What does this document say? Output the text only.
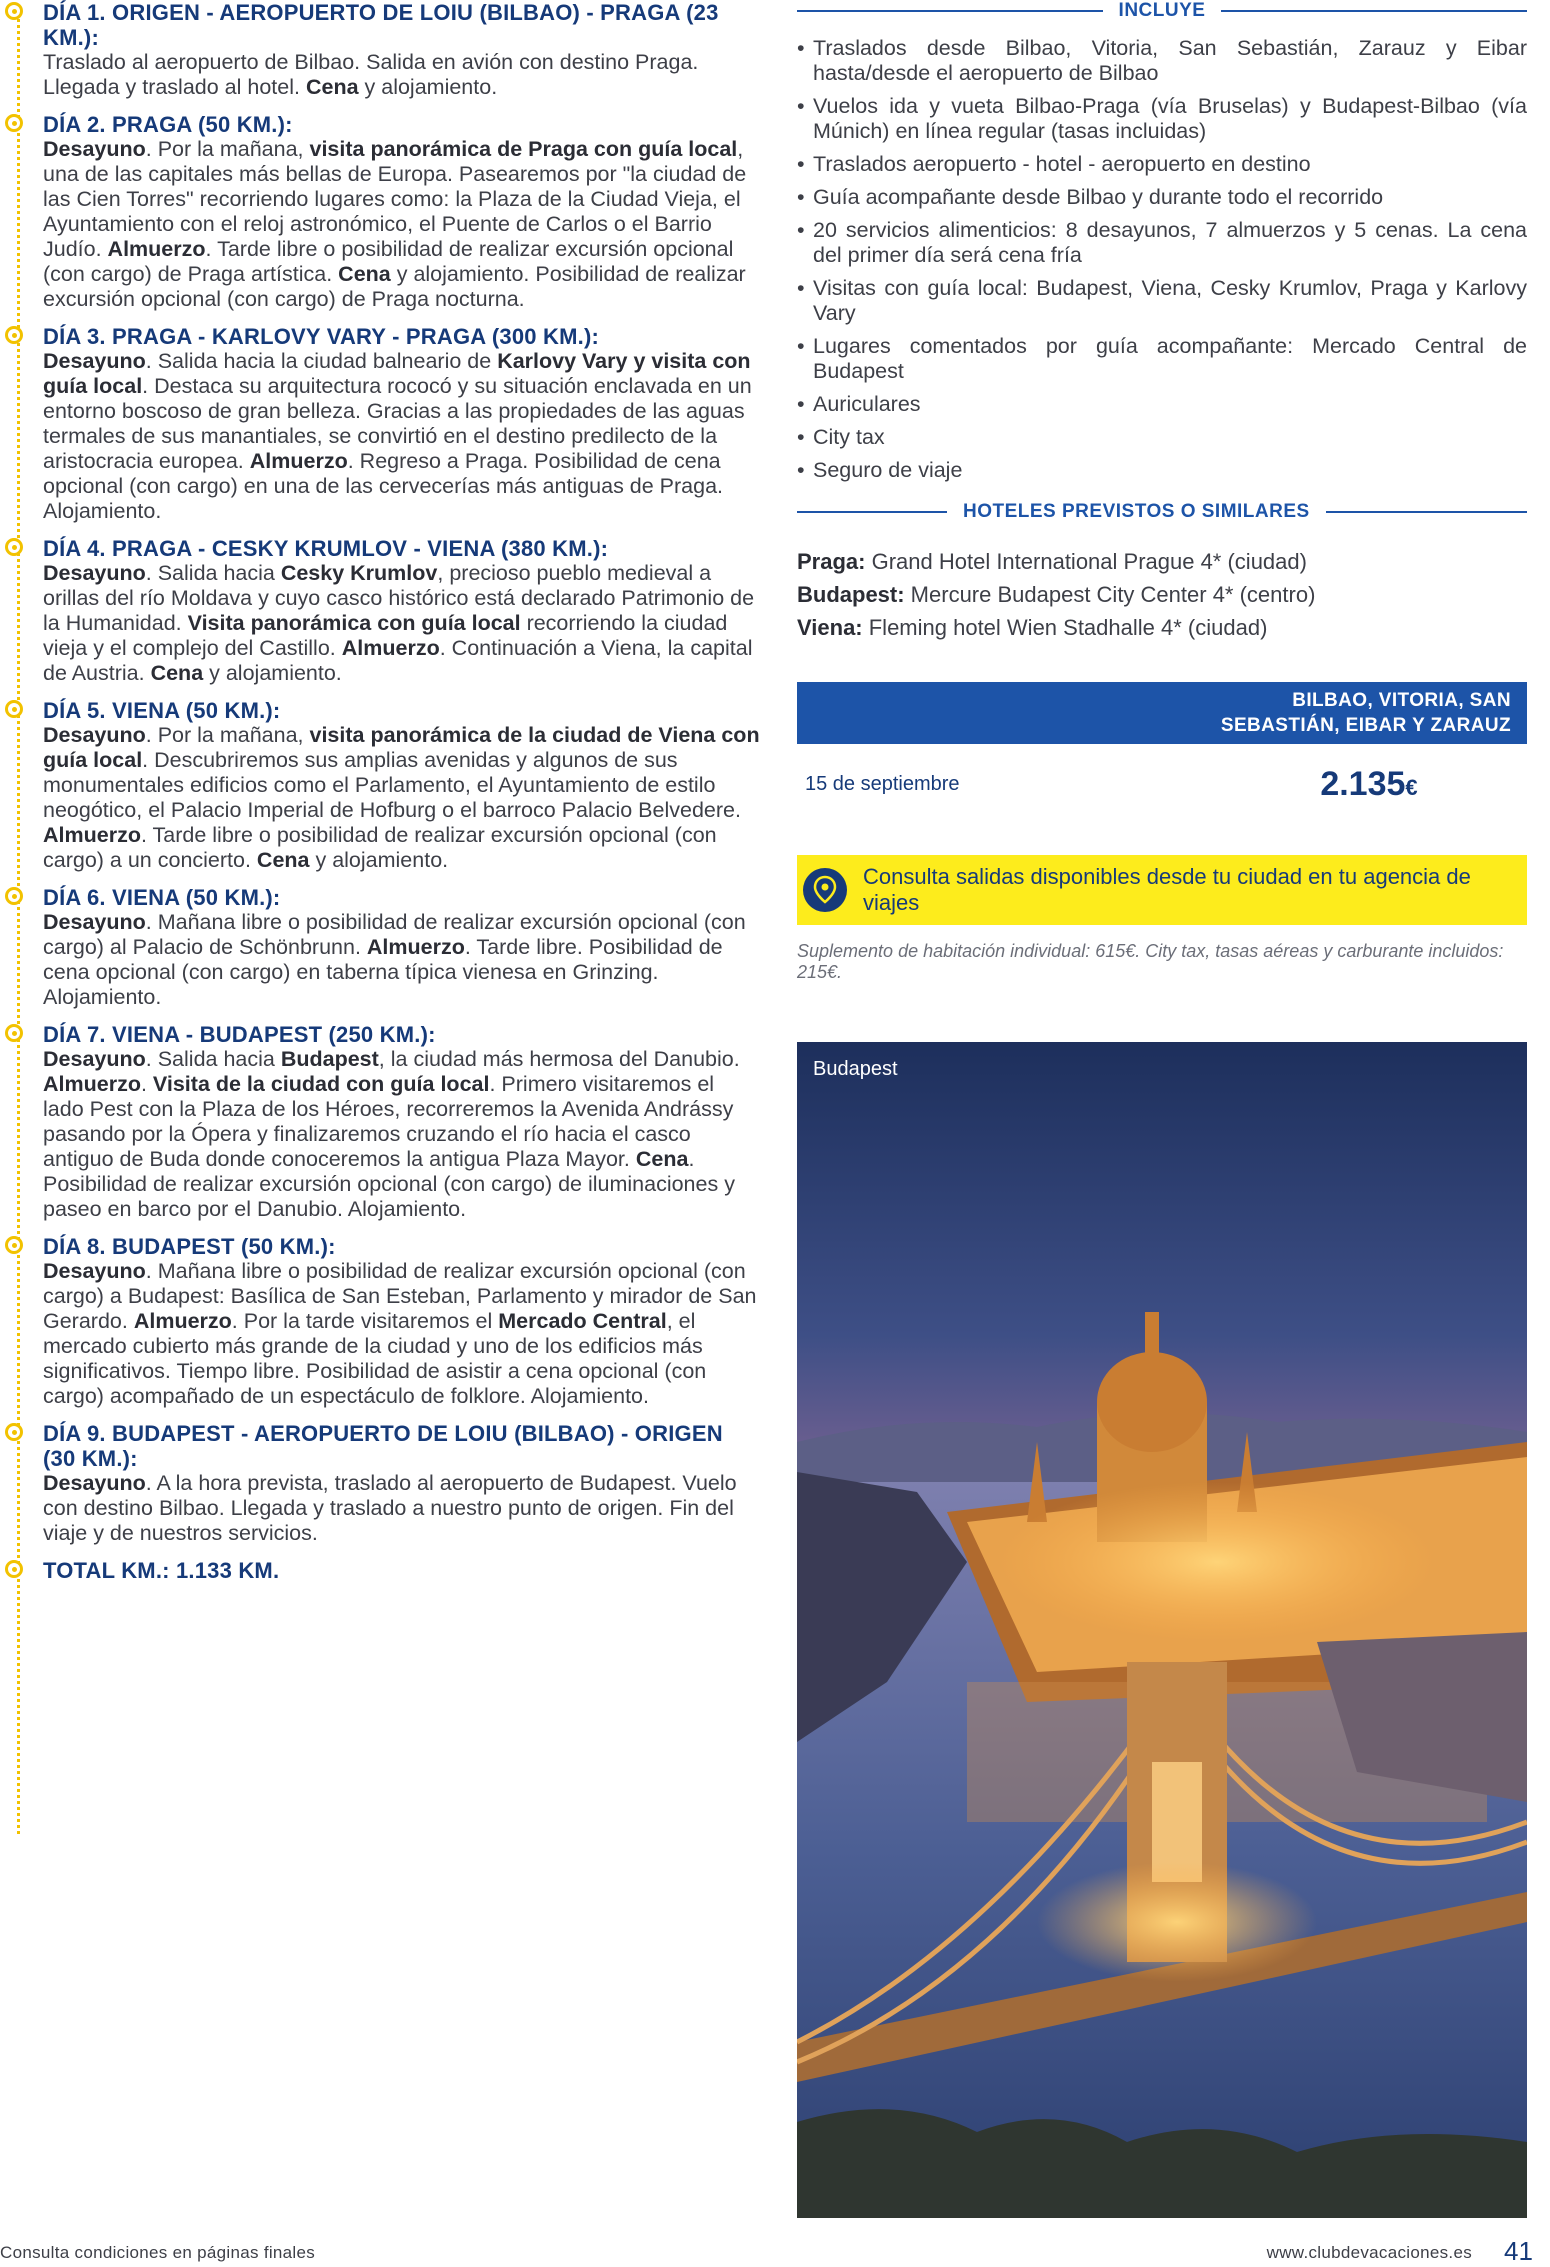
DÍA 1. ORIGEN - AEROPUERTO DE LOIU (BILBAO) - PRAGA (23 KM.):
Traslado al aeropuerto de Bilbao. Salida en avión con destino Praga. Llegada y traslado al hotel. Cena y alojamiento.
DÍA 2. PRAGA (50 KM.):
Desayuno. Por la mañana, visita panorámica de Praga con guía local, una de las capitales más bellas de Europa. Pasearemos por "la ciudad de las Cien Torres" recorriendo lugares como: la Plaza de la Ciudad Vieja, el Ayuntamiento con el reloj astronómico, el Puente de Carlos o el Barrio Judío. Almuerzo. Tarde libre o posibilidad de realizar excursión opcional (con cargo) de Praga artística. Cena y alojamiento. Posibilidad de realizar excursión opcional (con cargo) de Praga nocturna.
DÍA 3. PRAGA - KARLOVY VARY - PRAGA (300 KM.):
Desayuno. Salida hacia la ciudad balneario de Karlovy Vary y visita con guía local. Destaca su arquitectura rococó y su situación enclavada en un entorno boscoso de gran belleza. Gracias a las propiedades de las aguas termales de sus manantiales, se convirtió en el destino predilecto de la aristocracia europea. Almuerzo. Regreso a Praga. Posibilidad de cena opcional (con cargo) en una de las cervecerías más antiguas de Praga. Alojamiento.
DÍA 4. PRAGA - CESKY KRUMLOV - VIENA (380 KM.):
Desayuno. Salida hacia Cesky Krumlov, precioso pueblo medieval a orillas del río Moldava y cuyo casco histórico está declarado Patrimonio de la Humanidad. Visita panorámica con guía local recorriendo la ciudad vieja y el complejo del Castillo. Almuerzo. Continuación a Viena, la capital de Austria. Cena y alojamiento.
DÍA 5. VIENA (50 KM.):
Desayuno. Por la mañana, visita panorámica de la ciudad de Viena con guía local. Descubriremos sus amplias avenidas y algunos de sus monumentales edificios como el Parlamento, el Ayuntamiento de estilo neogótico, el Palacio Imperial de Hofburg o el barroco Palacio Belvedere. Almuerzo. Tarde libre o posibilidad de realizar excursión opcional (con cargo) a un concierto. Cena y alojamiento.
DÍA 6. VIENA (50 KM.):
Desayuno. Mañana libre o posibilidad de realizar excursión opcional (con cargo) al Palacio de Schönbrunn. Almuerzo. Tarde libre. Posibilidad de cena opcional (con cargo) en taberna típica vienesa en Grinzing. Alojamiento.
DÍA 7. VIENA - BUDAPEST (250 KM.):
Desayuno. Salida hacia Budapest, la ciudad más hermosa del Danubio. Almuerzo. Visita de la ciudad con guía local. Primero visitaremos el lado Pest con la Plaza de los Héroes, recorreremos la Avenida Andrássy pasando por la Ópera y finalizaremos cruzando el río hacia el casco antiguo de Buda donde conoceremos la antigua Plaza Mayor. Cena. Posibilidad de realizar excursión opcional (con cargo) de iluminaciones y paseo en barco por el Danubio. Alojamiento.
DÍA 8. BUDAPEST (50 KM.):
Desayuno. Mañana libre o posibilidad de realizar excursión opcional (con cargo) a Budapest: Basílica de San Esteban, Parlamento y mirador de San Gerardo. Almuerzo. Por la tarde visitaremos el Mercado Central, el mercado cubierto más grande de la ciudad y uno de los edificios más significativos. Tiempo libre. Posibilidad de asistir a cena opcional (con cargo) acompañado de un espectáculo de folklore. Alojamiento.
DÍA 9. BUDAPEST - AEROPUERTO DE LOIU (BILBAO) - ORIGEN (30 KM.):
Desayuno. A la hora prevista, traslado al aeropuerto de Budapest. Vuelo con destino Bilbao. Llegada y traslado a nuestro punto de origen. Fin del viaje y de nuestros servicios.
TOTAL KM.: 1.133 KM.
INCLUYE
• Traslados desde Bilbao, Vitoria, San Sebastián, Zarauz y Eibar hasta/desde el aeropuerto de Bilbao
• Vuelos ida y vueta Bilbao-Praga (vía Bruselas) y Budapest-Bilbao (vía Múnich) en línea regular (tasas incluidas)
• Traslados aeropuerto - hotel - aeropuerto en destino
• Guía acompañante desde Bilbao y durante todo el recorrido
• 20 servicios alimenticios: 8 desayunos, 7 almuerzos y 5 cenas. La cena del primer día será cena fría
• Visitas con guía local: Budapest, Viena, Cesky Krumlov, Praga y Karlovy Vary
• Lugares comentados por guía acompañante: Mercado Central de Budapest
• Auriculares
• City tax
• Seguro de viaje
HOTELES PREVISTOS O SIMILARES
Praga: Grand Hotel International Prague 4* (ciudad)
Budapest: Mercure Budapest City Center 4* (centro)
Viena: Fleming hotel Wien Stadhalle 4* (ciudad)
BILBAO, VITORIA, SAN
SEBASTIÁN, EIBAR Y ZARAUZ
15 de septiembre	2.135€
Consulta salidas disponibles desde tu ciudad en tu agencia de viajes
Suplemento de habitación individual: 615€. City tax, tasas aéreas y carburante incluidos: 215€.
Budapest
Consulta condiciones en páginas finales	www.clubdevacaciones.es 41
